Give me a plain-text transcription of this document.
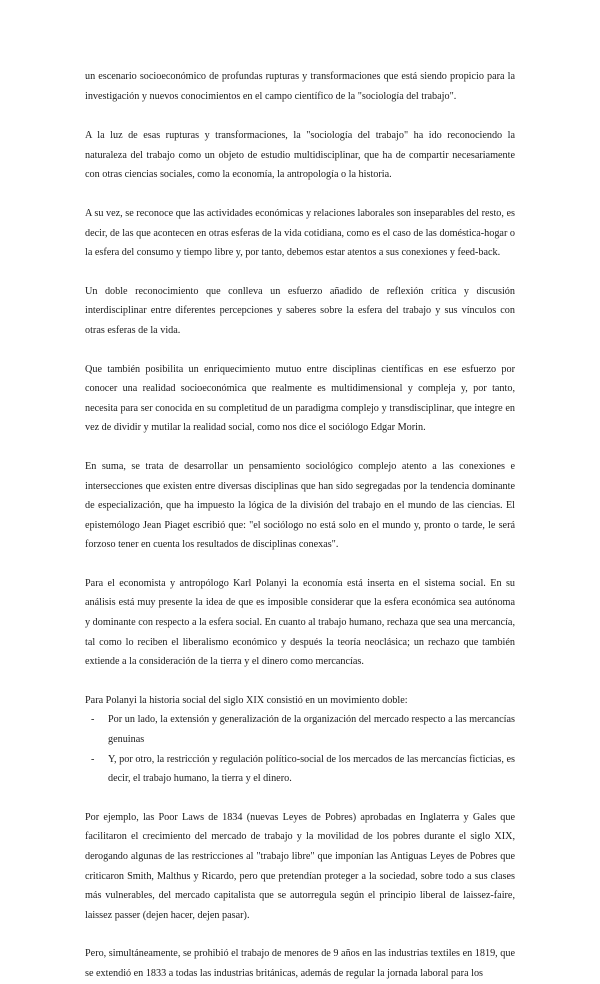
un escenario socioeconómico de profundas rupturas y transformaciones que está siendo propicio para la investigación y nuevos conocimientos en el campo científico de la "sociología del trabajo".

A la luz de esas rupturas y transformaciones, la "sociología del trabajo" ha ido reconociendo la naturaleza del trabajo como un objeto de estudio multidisciplinar, que ha de compartir necesariamente con otras ciencias sociales, como la economía, la antropología o la historia.

A su vez, se reconoce que las actividades económicas y relaciones laborales son inseparables del resto, es decir, de las que acontecen en otras esferas de la vida cotidiana, como es el caso de las doméstica-hogar o la esfera del consumo y tiempo libre y, por tanto, debemos estar atentos a sus conexiones y feed-back.

Un doble reconocimiento que conlleva un esfuerzo añadido de reflexión crítica y discusión interdisciplinar entre diferentes percepciones y saberes sobre la esfera del trabajo y sus vínculos con otras esferas de la vida.

Que también posibilita un enriquecimiento mutuo entre disciplinas científicas en ese esfuerzo por conocer una realidad socioeconómica que realmente es multidimensional y compleja y, por tanto, necesita para ser conocida en su completitud de un paradigma complejo y transdisciplinar, que integre en vez de dividir y mutilar la realidad social, como nos dice el sociólogo Edgar Morin.

En suma, se trata de desarrollar un pensamiento sociológico complejo atento a las conexiones e intersecciones que existen entre diversas disciplinas que han sido segregadas por la tendencia dominante de especialización, que ha impuesto la lógica de la división del trabajo en el mundo de las ciencias. El epistemólogo Jean Piaget escribió que: "el sociólogo no está solo en el mundo y, pronto o tarde, le será forzoso tener en cuenta los resultados de disciplinas conexas".

Para el economista y antropólogo Karl Polanyi la economía está inserta en el sistema social. En su análisis está muy presente la idea de que es imposible considerar que la esfera económica sea autónoma y dominante con respecto a la esfera social. En cuanto al trabajo humano, rechaza que sea una mercancía, tal como lo reciben el liberalismo económico y después la teoría neoclásica; un rechazo que también extiende a la consideración de la tierra y el dinero como mercancías.

Para Polanyi la historia social del siglo XIX consistió en un movimiento doble:

- Por un lado, la extensión y generalización de la organización del mercado respecto a las mercancías genuinas
- Y, por otro, la restricción y regulación político-social de los mercados de las mercancías ficticias, es decir, el trabajo humano, la tierra y el dinero.

Por ejemplo, las Poor Laws de 1834 (nuevas Leyes de Pobres) aprobadas en Inglaterra y Gales que facilitaron el crecimiento del mercado de trabajo y la movilidad de los pobres durante el siglo XIX, derogando algunas de las restricciones al "trabajo libre" que imponían las Antiguas Leyes de Pobres que criticaron Smith, Malthus y Ricardo, pero que pretendían proteger a la sociedad, sobre todo a sus clases más vulnerables, del mercado capitalista que se autorregula según el principio liberal de laissez-faire, laissez passer (dejen hacer, dejen pasar).

Pero, simultáneamente, se prohibió el trabajo de menores de 9 años en las industrias textiles en 1819, que se extendió en 1833 a todas las industrias británicas, además de regular la jornada laboral para los
